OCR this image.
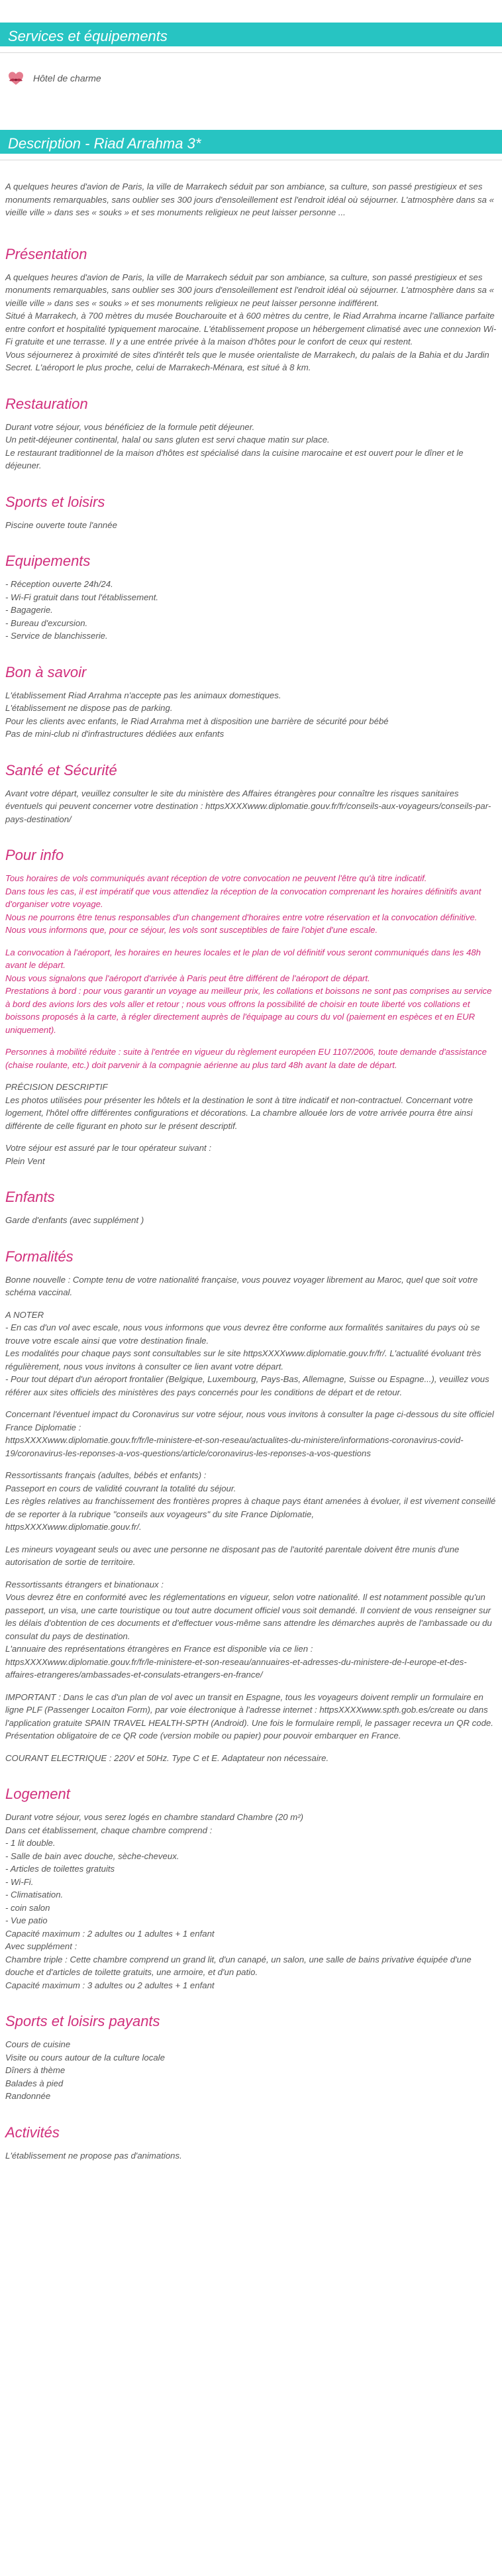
Services et équipements
Hôtel de charme
Description - Riad Arrahma 3*

A quelques heures d'avion de Paris, la ville de Marrakech séduit par son ambiance, sa culture, son passé prestigieux et ses monuments remarquables, sans oublier ses 300 jours d'ensoleillement est l'endroit idéal où séjourner. L'atmosphère dans sa « vieille ville » dans ses « souks » et ses monuments religieux ne peut laisser personne ...

Présentation

A quelques heures d'avion de Paris, la ville de Marrakech séduit par son ambiance, sa culture, son passé prestigieux et ses monuments remarquables, sans oublier ses 300 jours d'ensoleillement est l'endroit idéal où séjourner. L'atmosphère dans sa « vieille ville » dans ses « souks » et ses monuments religieux ne peut laisser personne indifférent.
Situé à Marrakech, à 700 mètres du musée Boucharouite et à 600 mètres du centre, le Riad Arrahma incarne l'alliance parfaite entre confort et hospitalité typiquement marocaine. L'établissement propose un hébergement climatisé avec une connexion Wi-Fi gratuite et une terrasse. Il y a une entrée privée à la maison d'hôtes pour le confort de ceux qui restent.
Vous séjournerez à proximité de sites d'intérêt tels que le musée orientaliste de Marrakech, du palais de la Bahia et du Jardin Secret. L'aéroport le plus proche, celui de Marrakech-Ménara, est situé à 8 km.

Restauration

Durant votre séjour, vous bénéficiez de la formule petit déjeuner.
Un petit-déjeuner continental, halal ou sans gluten est servi chaque matin sur place.
Le restaurant traditionnel de la maison d'hôtes est spécialisé dans la cuisine marocaine et est ouvert pour le dîner et le déjeuner.

Sports et loisirs

Piscine ouverte toute l'année

Equipements

- Réception ouverte 24h/24.
- Wi-Fi gratuit dans tout l'établissement.
- Bagagerie.
- Bureau d'excursion.
- Service de blanchisserie.

Bon à savoir

L'établissement Riad Arrahma n'accepte pas les animaux domestiques.
L'établissement ne dispose pas de parking.
Pour les clients avec enfants, le Riad Arrahma met à disposition une barrière de sécurité pour bébé
Pas de mini-club ni d'infrastructures dédiées aux enfants

Santé et Sécurité

Avant votre départ, veuillez consulter le site du ministère des Affaires étrangères pour connaître les risques sanitaires éventuels qui peuvent concerner votre destination : httpsXXXXwww.diplomatie.gouv.fr/fr/conseils-aux-voyageurs/conseils-par-pays-destination/

Pour info

Tous horaires de vols communiqués avant réception de votre convocation ne peuvent l'être qu'à titre indicatif.
Dans tous les cas, il est impératif que vous attendiez la réception de la convocation comprenant les horaires définitifs avant d'organiser votre voyage.
Nous ne pourrons être tenus responsables d'un changement d'horaires entre votre réservation et la convocation définitive.
Nous vous informons que, pour ce séjour, les vols sont susceptibles de faire l'objet d'une escale.

La convocation à l'aéroport, les horaires en heures locales et le plan de vol définitif vous seront communiqués dans les 48h avant le départ.
Nous vous signalons que l'aéroport d'arrivée à Paris peut être différent de l'aéroport de départ.
Prestations à bord : pour vous garantir un voyage au meilleur prix, les collations et boissons ne sont pas comprises au service à bord des avions lors des vols aller et retour ; nous vous offrons la possibilité de choisir en toute liberté vos collations et boissons proposés à la carte, à régler directement auprès de l'équipage au cours du vol (paiement en espèces et en EUR uniquement).

Personnes à mobilité réduite : suite à l'entrée en vigueur du règlement européen EU 1107/2006, toute demande d'assistance (chaise roulante, etc.) doit parvenir à la compagnie aérienne au plus tard 48h avant la date de départ.

PRÉCISION DESCRIPTIF
Les photos utilisées pour présenter les hôtels et la destination le sont à titre indicatif et non-contractuel. Concernant votre logement, l'hôtel offre différentes configurations et décorations. La chambre allouée lors de votre arrivée pourra être ainsi différente de celle figurant en photo sur le présent descriptif.

Votre séjour est assuré par le tour opérateur suivant :
Plein Vent

Enfants

Garde d'enfants (avec supplément )

Formalités

Bonne nouvelle : Compte tenu de votre nationalité française, vous pouvez voyager librement au Maroc, quel que soit votre schéma vaccinal.

A NOTER
- En cas d'un vol avec escale, nous vous informons que vous devrez être conforme aux formalités sanitaires du pays où se trouve votre escale ainsi que votre destination finale.
Les modalités pour chaque pays sont consultables sur le site httpsXXXXwww.diplomatie.gouv.fr/fr/. L'actualité évoluant très régulièrement, nous vous invitons à consulter ce lien avant votre départ.
- Pour tout départ d'un aéroport frontalier (Belgique, Luxembourg, Pays-Bas, Allemagne, Suisse ou Espagne...), veuillez vous référer aux sites officiels des ministères des pays concernés pour les conditions de départ et de retour.

Concernant l'éventuel impact du Coronavirus sur votre séjour, nous vous invitons à consulter la page ci-dessous du site officiel France Diplomatie :
httpsXXXXwww.diplomatie.gouv.fr/fr/le-ministere-et-son-reseau/actualites-du-ministere/informations-coronavirus-covid-19/coronavirus-les-reponses-a-vos-questions/article/coronavirus-les-reponses-a-vos-questions

Ressortissants français (adultes, bébés et enfants) :
Passeport en cours de validité couvrant la totalité du séjour.
Les règles relatives au franchissement des frontières propres à chaque pays étant amenées à évoluer, il est vivement conseillé de se reporter à la rubrique "conseils aux voyageurs" du site France Diplomatie,
httpsXXXXwww.diplomatie.gouv.fr/.

Les mineurs voyageant seuls ou avec une personne ne disposant pas de l'autorité parentale doivent être munis d'une autorisation de sortie de territoire.

Ressortissants étrangers et binationaux :
Vous devrez être en conformité avec les réglementations en vigueur, selon votre nationalité. Il est notamment possible qu'un passeport, un visa, une carte touristique ou tout autre document officiel vous soit demandé. Il convient de vous renseigner sur les délais d'obtention de ces documents et d'effectuer vous-même sans attendre les démarches auprès de l'ambassade ou du consulat du pays de destination.
L'annuaire des représentations étrangères en France est disponible via ce lien :
httpsXXXXwww.diplomatie.gouv.fr/fr/le-ministere-et-son-reseau/annuaires-et-adresses-du-ministere-de-l-europe-et-des-affaires-etrangeres/ambassades-et-consulats-etrangers-en-france/

IMPORTANT : Dans le cas d'un plan de vol avec un transit en Espagne, tous les voyageurs doivent remplir un formulaire en ligne PLF (Passenger Locaiton Form), par voie électronique à l'adresse internet : httpsXXXXwww.spth.gob.es/create ou dans l'application gratuite SPAIN TRAVEL HEALTH-SPTH (Android). Une fois le formulaire rempli, le passager recevra un QR code. Présentation obligatoire de ce QR code (version mobile ou papier) pour pouvoir embarquer en France.

COURANT ELECTRIQUE : 220V et 50Hz. Type C et E. Adaptateur non nécessaire.

Logement

Durant votre séjour, vous serez logés en chambre standard Chambre (20 m²)
Dans cet établissement, chaque chambre comprend :
- 1 lit double.
- Salle de bain avec douche, sèche-cheveux.
- Articles de toilettes gratuits
- Wi-Fi.
- Climatisation.
- coin salon
- Vue patio
Capacité maximum : 2 adultes ou 1 adultes + 1 enfant
Avec supplément :
Chambre triple : Cette chambre comprend un grand lit, d'un canapé, un salon, une salle de bains privative équipée d'une douche et d'articles de toilette gratuits, une armoire, et d'un patio.
Capacité maximum : 3 adultes ou 2 adultes + 1 enfant

Sports et loisirs payants

Cours de cuisine
Visite ou cours autour de la culture locale
Dîners à thème
Balades à pied
Randonnée

Activités

L'établissement ne propose pas d'animations.
